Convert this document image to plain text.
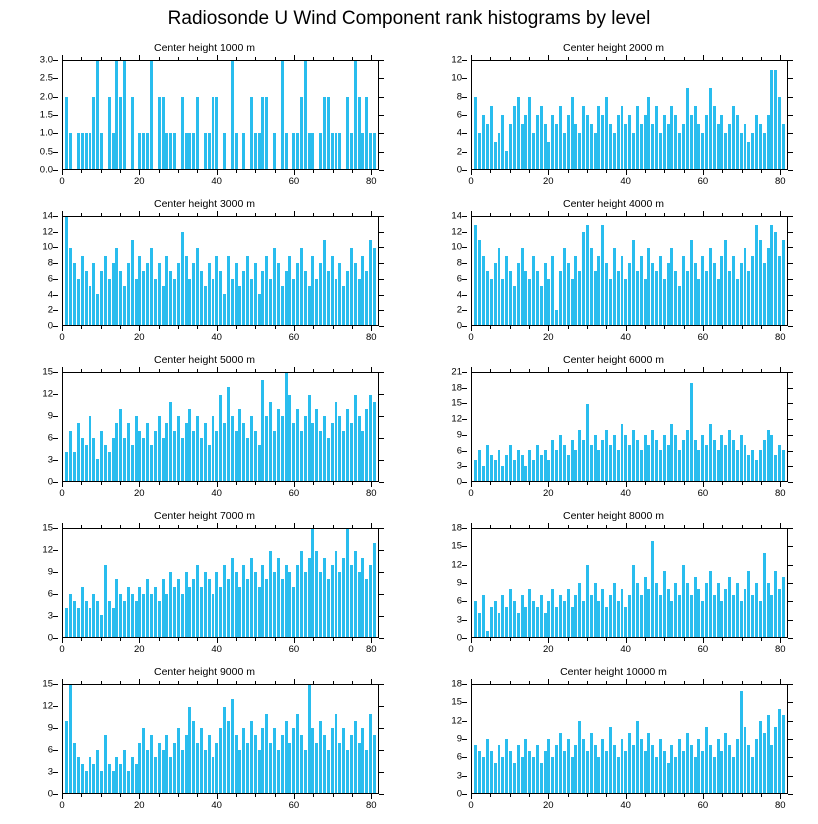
Radiosonde U Wind Component rank histograms by level
Center height 1000 m
0.0
0.5
1.0
1.5
2.0
2.5
3.0
0	20	40	60	80
Center height 2000 m
0
2
4
6
8
10
12
0	20	40	60	80
Center height 3000 m
0
2
4
6
8
10
12
14
0	20	40	60	80
Center height 4000 m
0
2
4
6
8
10
12
14
0	20	40	60	80
Center height 5000 m
0
3
6
9
12
15
0	20	40	60	80
Center height 6000 m
0
3
6
9
12
15
18
21
0	20	40	60	80
Center height 7000 m
0
3
6
9
12
15
0	20	40	60	80
Center height 8000 m
0
3
6
9
12
15
18
0	20	40	60	80
Center height 9000 m
0
3
6
9
12
15
0	20	40	60	80
Center height 10000 m
0
3
6
9
12
15
18
0	20	40	60	80
